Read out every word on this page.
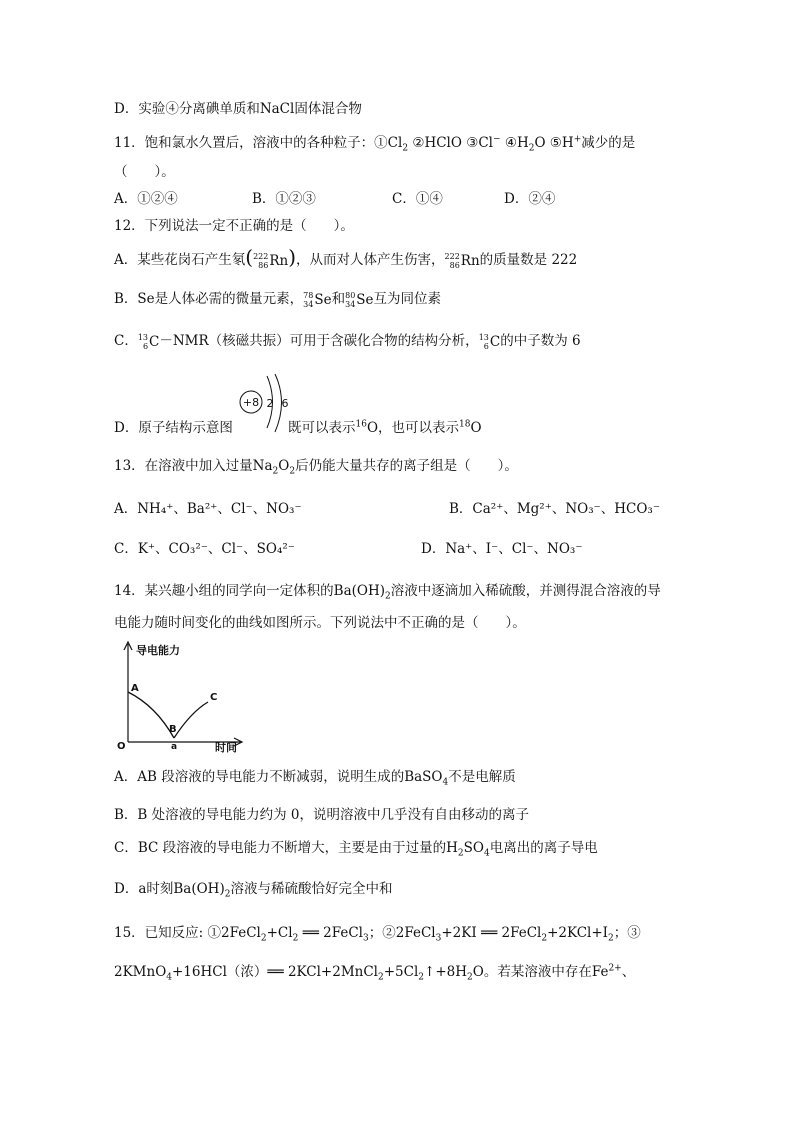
D．实验④分离碘单质和NaCl固体混合物
11．饱和氯水久置后，溶液中的各种粒子：$①Cl_2$ ②HClO ③Cl− $④H_2O$ ⑤H+减少的是
（　　）。
A．①②④	B．①②③	C．①④	D．②④
12．下列说法一定不正确的是（　　）。
A．某些花岗石产生氡( 222
86 Rn )，从而对人体产生伤害， 222
86 Rn 的质量数是 222
B．Se是人体必需的微量元素， 78
34 Se 和 80
34 Se 互为同位素
C． 13
6 C －NMR（核磁共振）可用于含碳化合物的结构分析， 13
6 C 的中子数为 6
D．原子结构示意图
+8 2 6
既可以表示$^{16}$O，也可以表示$^{18}$O
13．在溶液中加入过量$Na_2O_2$后仍能大量共存的离子组是（　　）。
A．NH₄⁺、Ba²⁺、Cl⁻、NO₃⁻	B．Ca²⁺、Mg²⁺、NO₃⁻、HCO₃⁻
C．K⁺、CO₃²⁻、Cl⁻、SO₄²⁻	D．Na⁺、I⁻、Cl⁻、NO₃⁻
14．某兴趣小组的同学向一定体积的$Ba(OH)_2$溶液中逐滴加入稀硫酸，并测得混合溶液的导
电能力随时间变化的曲线如图所示。下列说法中不正确的是（　　）。
导电能力
时间
O
A
B
C
a
A．AB 段溶液的导电能力不断减弱，说明生成的BaSO$_4$不是电解质
B．B 处溶液的导电能力约为 0，说明溶液中几乎没有自由移动的离子
C．BC 段溶液的导电能力不断增大，主要是由于过量的$H_2SO_4$电离出的离子导电
D．a时刻$Ba(OH)_2$溶液与稀硫酸恰好完全中和
15．已知反应: $①2FeCl_2+Cl_2$ ══ 2FeCl$_3$；②2FeCl$_3$+2KI ══ $2FeCl_2+2KCl+I_2$；③
2KMnO$_4$+16HCl（浓）══ $2KCl+2MnCl_2+5Cl_2↑+8H_2O$。若某溶液中存在$Fe^{2+}$、
